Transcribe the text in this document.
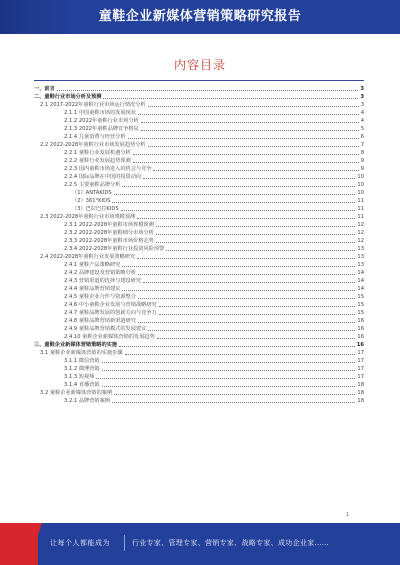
童鞋企业新媒体营销策略研究报告
内容目录
一、前言	3
二、童鞋行业市场分析及预测	3
2.1 2017-2022年童鞋行业市场运行情况分析	3
2.1.1 中国童鞋市场的发展现状	4
2.1.2 2022年童鞋行业市场分析	4
2.1.3 2022年童鞋品牌竞争格局	5
2.1.4 儿童消费与经营分析	6
2.2 2022-2028年童鞋行业市场发展趋势分析	7
2.2.1 童鞋行业发展机遇分析	8
2.2.2 童鞋行业发展趋势预测	9
2.2.3 国内童鞋市场进入的机会与竞争	9
2.2.4 国际品牌在中国的投资动向	10
2.2.5 主要童鞋品牌分析	10
（1）ANTAKIDS	10
（2）361°KIDS	11
（3）巴拉巴拉KIDS	11
2.3 2022-2028年童鞋行业市场规模预测	11
2.3.1 2022-2028年童鞋市场规模预测	12
2.3.2 2022-2028年童鞋细分市场分析	12
2.3.3 2022-2028年童鞋市场价格走势	12
2.3.4 2022-2028年童鞋行业投资风险预警	13
2.4 2022-2028年童鞋行业发展策略研究	13
2.4.1 童鞋产品策略研究	13
2.4.2 品牌建设及营销策略分析	14
2.4.3 营销渠道的选择与建设研究	14
2.4.4 童鞋品牌营销建议	14
2.4.5 童鞋企业合作与资源整合	15
2.4.6 中小童鞋企业发展与营销战略研究	15
2.4.7 童鞋品牌发展的创新方向与竞争力	15
2.4.8 童鞋品牌营销新渠道研究	16
2.4.9 童鞋品牌营销模式的发展建议	16
2.4.10 童鞋企业新媒体营销的发展趋势	16
三、童鞋企业新媒体营销策略的实施	16
3.1 童鞋企业新媒体营销的实施步骤	17
3.1.1 微信营销	17
3.1.2 微博营销	17
3.1.3 短视频	17
3.1.4 直播营销	18
3.2 童鞋企业新媒体营销的案例	18
3.2.1 品牌营销案例	18
1
让每个人都能成为	行业专家、管理专家、营销专家、战略专家、成功企业家……
